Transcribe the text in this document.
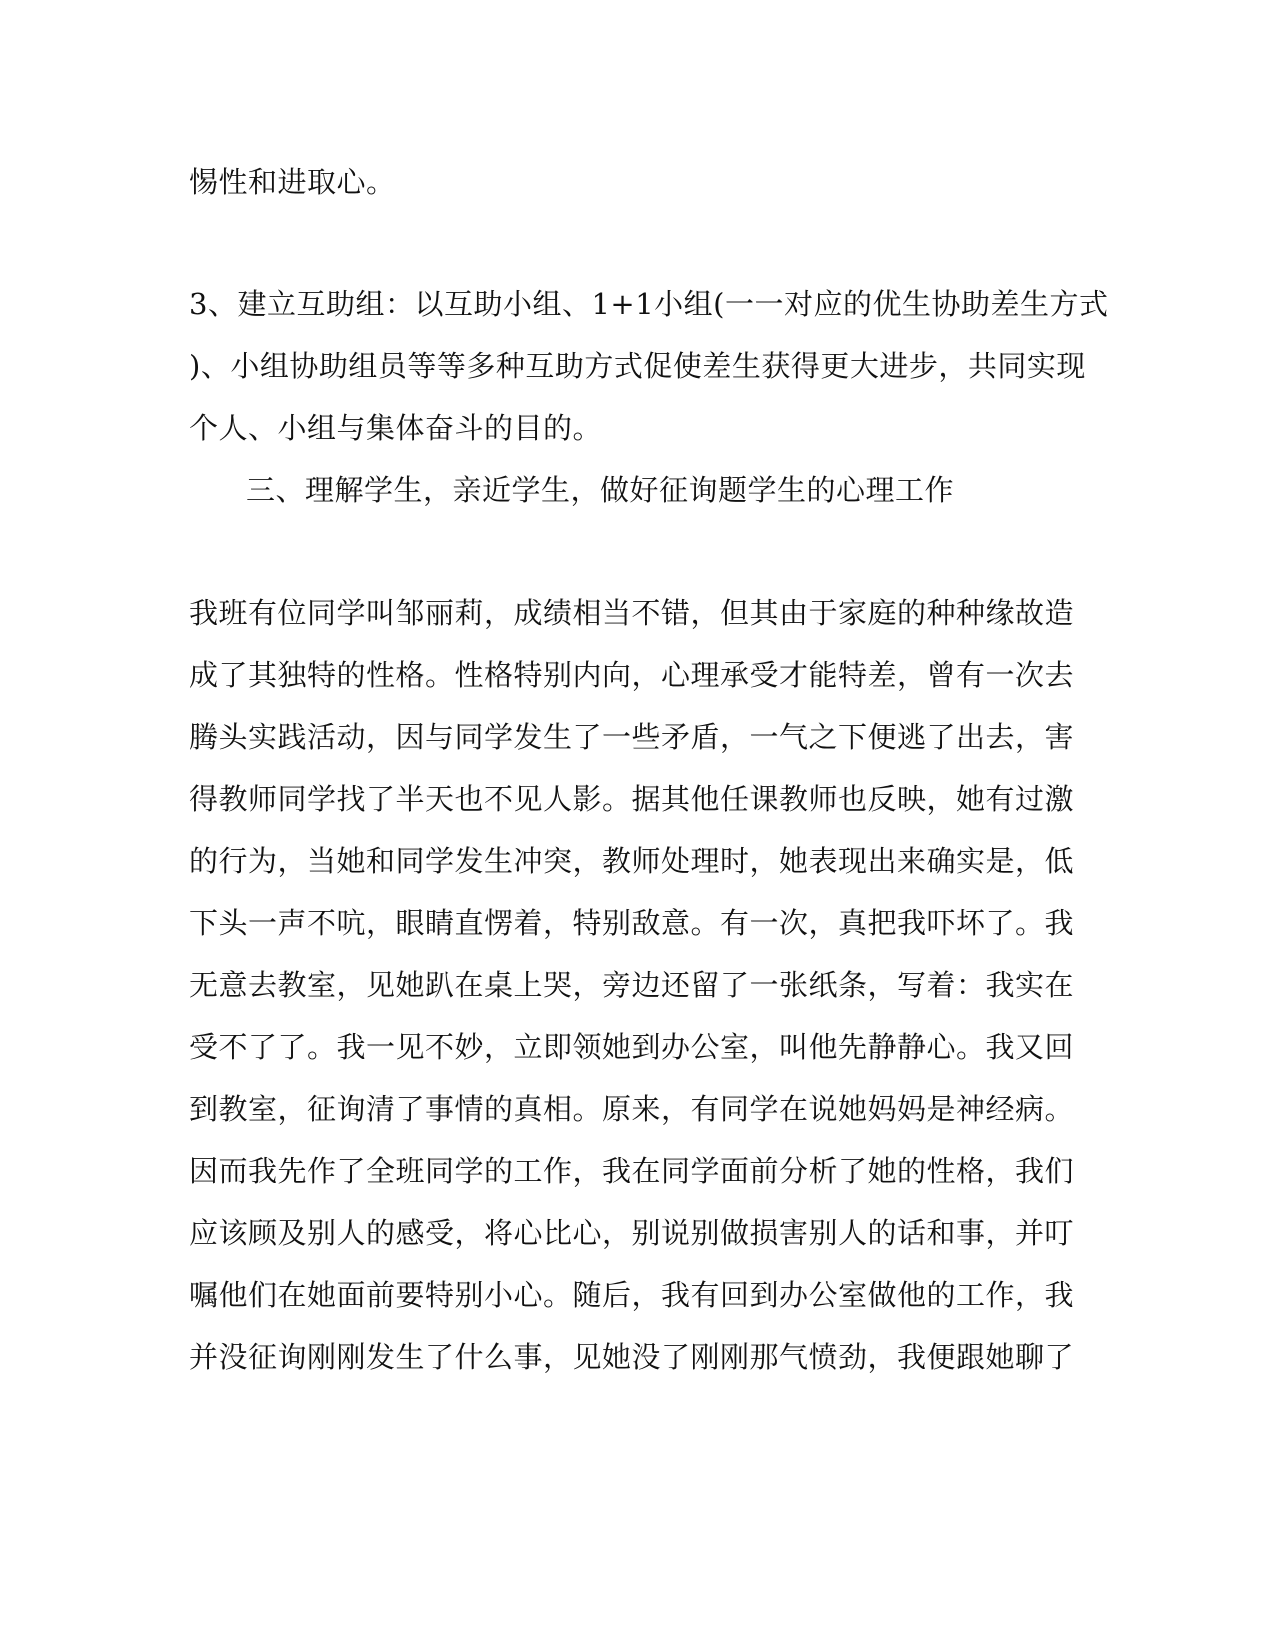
惕性和进取心。
3、建立互助组：以互助小组、1+1小组(一一对应的优生协助差生方式
)、小组协助组员等等多种互助方式促使差生获得更大进步，共同实现
个人、小组与集体奋斗的目的。
三、理解学生，亲近学生，做好征询题学生的心理工作
我班有位同学叫邹丽莉，成绩相当不错，但其由于家庭的种种缘故造
成了其独特的性格。性格特别内向，心理承受才能特差，曾有一次去
腾头实践活动，因与同学发生了一些矛盾，一气之下便逃了出去，害
得教师同学找了半天也不见人影。据其他任课教师也反映，她有过激
的行为，当她和同学发生冲突，教师处理时，她表现出来确实是，低
下头一声不吭，眼睛直愣着，特别敌意。有一次，真把我吓坏了。我
无意去教室，见她趴在桌上哭，旁边还留了一张纸条，写着：我实在
受不了了。我一见不妙，立即领她到办公室，叫他先静静心。我又回
到教室，征询清了事情的真相。原来，有同学在说她妈妈是神经病。
因而我先作了全班同学的工作，我在同学面前分析了她的性格，我们
应该顾及别人的感受，将心比心，别说别做损害别人的话和事，并叮
嘱他们在她面前要特别小心。随后，我有回到办公室做他的工作，我
并没征询刚刚发生了什么事，见她没了刚刚那气愤劲，我便跟她聊了
